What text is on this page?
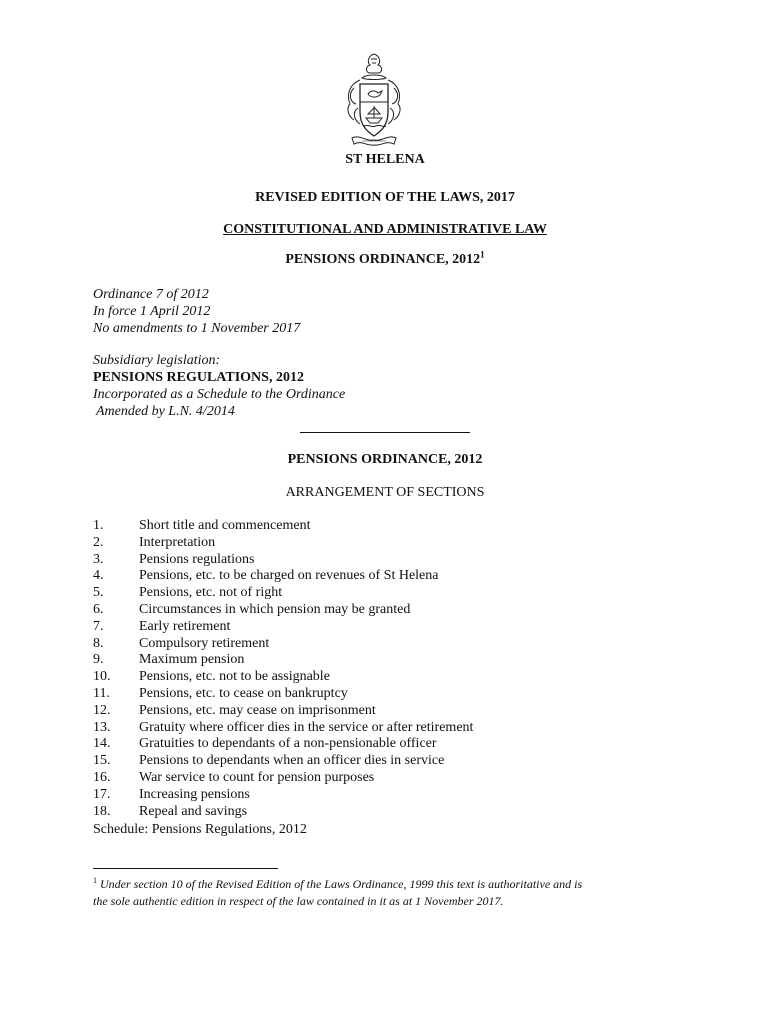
ST HELENA
REVISED EDITION OF THE LAWS, 2017
CONSTITUTIONAL AND ADMINISTRATIVE LAW
PENSIONS ORDINANCE, 2012$^1$
Ordinance 7 of 2012
In force 1 April 2012
No amendments to 1 November 2017
Subsidiary legislation:
PENSIONS REGULATIONS, 2012
Incorporated as a Schedule to the Ordinance
Amended by L.N. 4/2014
PENSIONS ORDINANCE, 2012
ARRANGEMENT OF SECTIONS
1.	Short title and commencement
2.	Interpretation
3.	Pensions regulations
4.	Pensions, etc. to be charged on revenues of St Helena
5.	Pensions, etc. not of right
6.	Circumstances in which pension may be granted
7.	Early retirement
8.	Compulsory retirement
9.	Maximum pension
10.	Pensions, etc. not to be assignable
11.	Pensions, etc. to cease on bankruptcy
12.	Pensions, etc. may cease on imprisonment
13.	Gratuity where officer dies in the service or after retirement
14.	Gratuities to dependants of a non-pensionable officer
15.	Pensions to dependants when an officer dies in service
16.	War service to count for pension purposes
17.	Increasing pensions
18.	Repeal and savings
Schedule: Pensions Regulations, 2012
$^1$ Under section 10 of the Revised Edition of the Laws Ordinance, 1999 this text is authoritative and is
the sole authentic edition in respect of the law contained in it as at 1 November 2017.
